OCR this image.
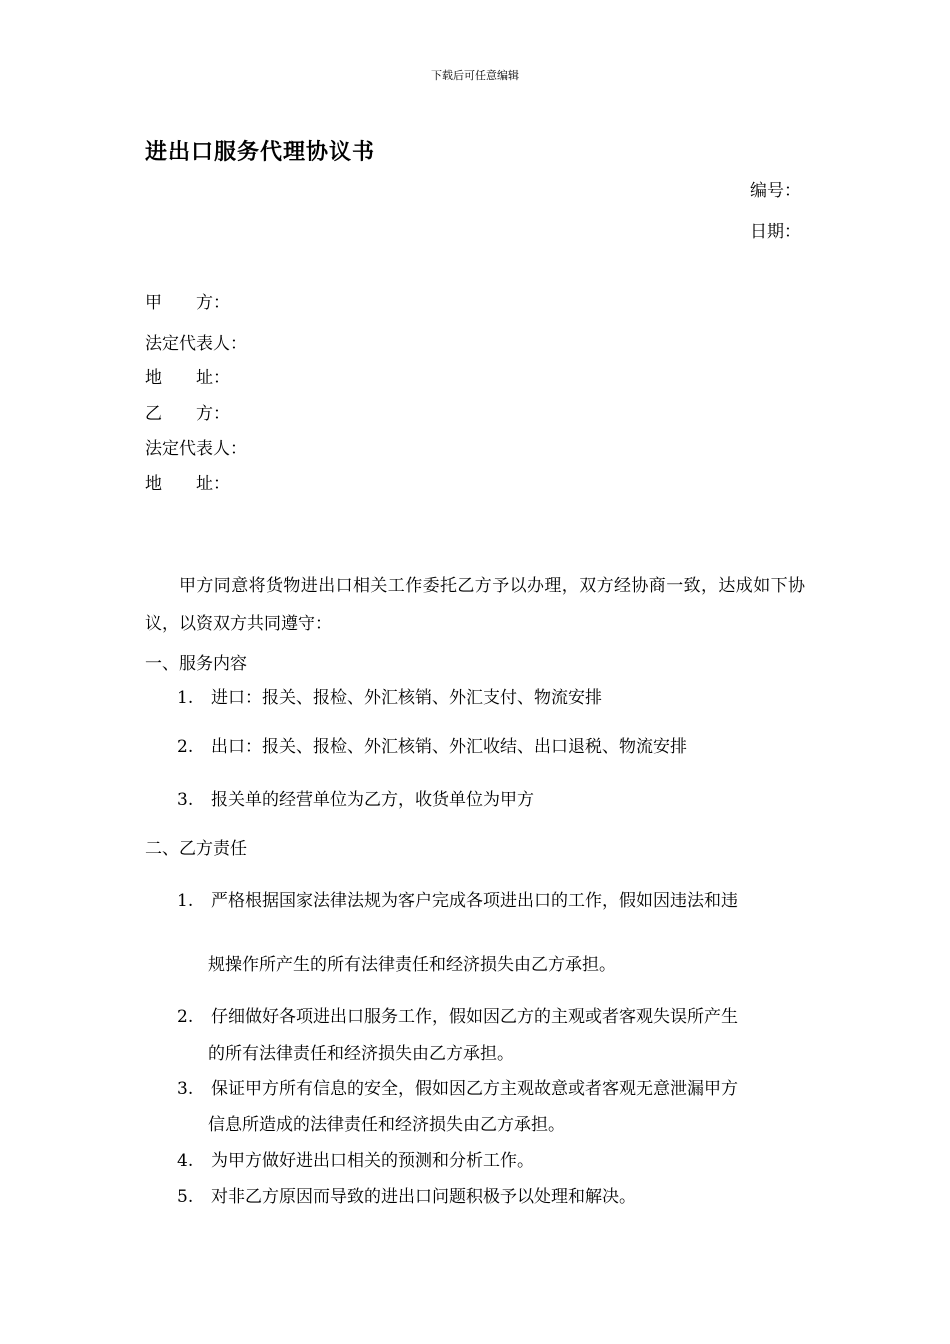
下载后可任意编辑
进出口服务代理协议书
编号：
日期：
甲　　方：
法定代表人：
地　　址：
乙　　方：
法定代表人：
地　　址：
甲方同意将货物进出口相关工作委托乙方予以办理，双方经协商一致，达成如下协议，以资双方共同遵守：
一、服务内容
1. 进口：报关、报检、外汇核销、外汇支付、物流安排
2. 出口：报关、报检、外汇核销、外汇收结、出口退税、物流安排
3. 报关单的经营单位为乙方，收货单位为甲方
二、乙方责任
1. 严格根据国家法律法规为客户完成各项进出口的工作，假如因违法和违
规操作所产生的所有法律责任和经济损失由乙方承担。
2. 仔细做好各项进出口服务工作，假如因乙方的主观或者客观失误所产生
的所有法律责任和经济损失由乙方承担。
3. 保证甲方所有信息的安全，假如因乙方主观故意或者客观无意泄漏甲方
信息所造成的法律责任和经济损失由乙方承担。
4. 为甲方做好进出口相关的预测和分析工作。
5. 对非乙方原因而导致的进出口问题积极予以处理和解决。
